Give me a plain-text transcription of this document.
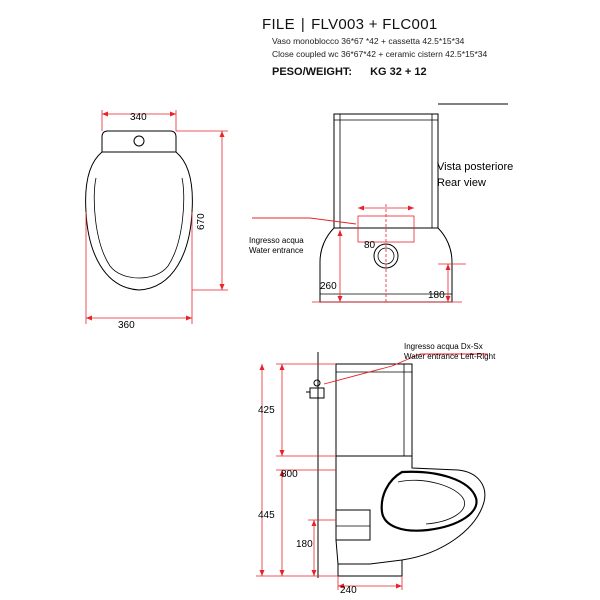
FILE | FLV003 + FLC001
Vaso monoblocco 36*67 *42 + cassetta 42.5*15*34
Close coupled wc 36*67*42 + ceramic cistern 42.5*15*34
PESO/WEIGHT: KG 32 + 12
340
670
360
Vista posteriore
Rear view
Ingresso acqua
Water entrance	80
260
180
Ingresso acqua Dx-Sx
Water entrance Left-Right
425
800
445
180
240
